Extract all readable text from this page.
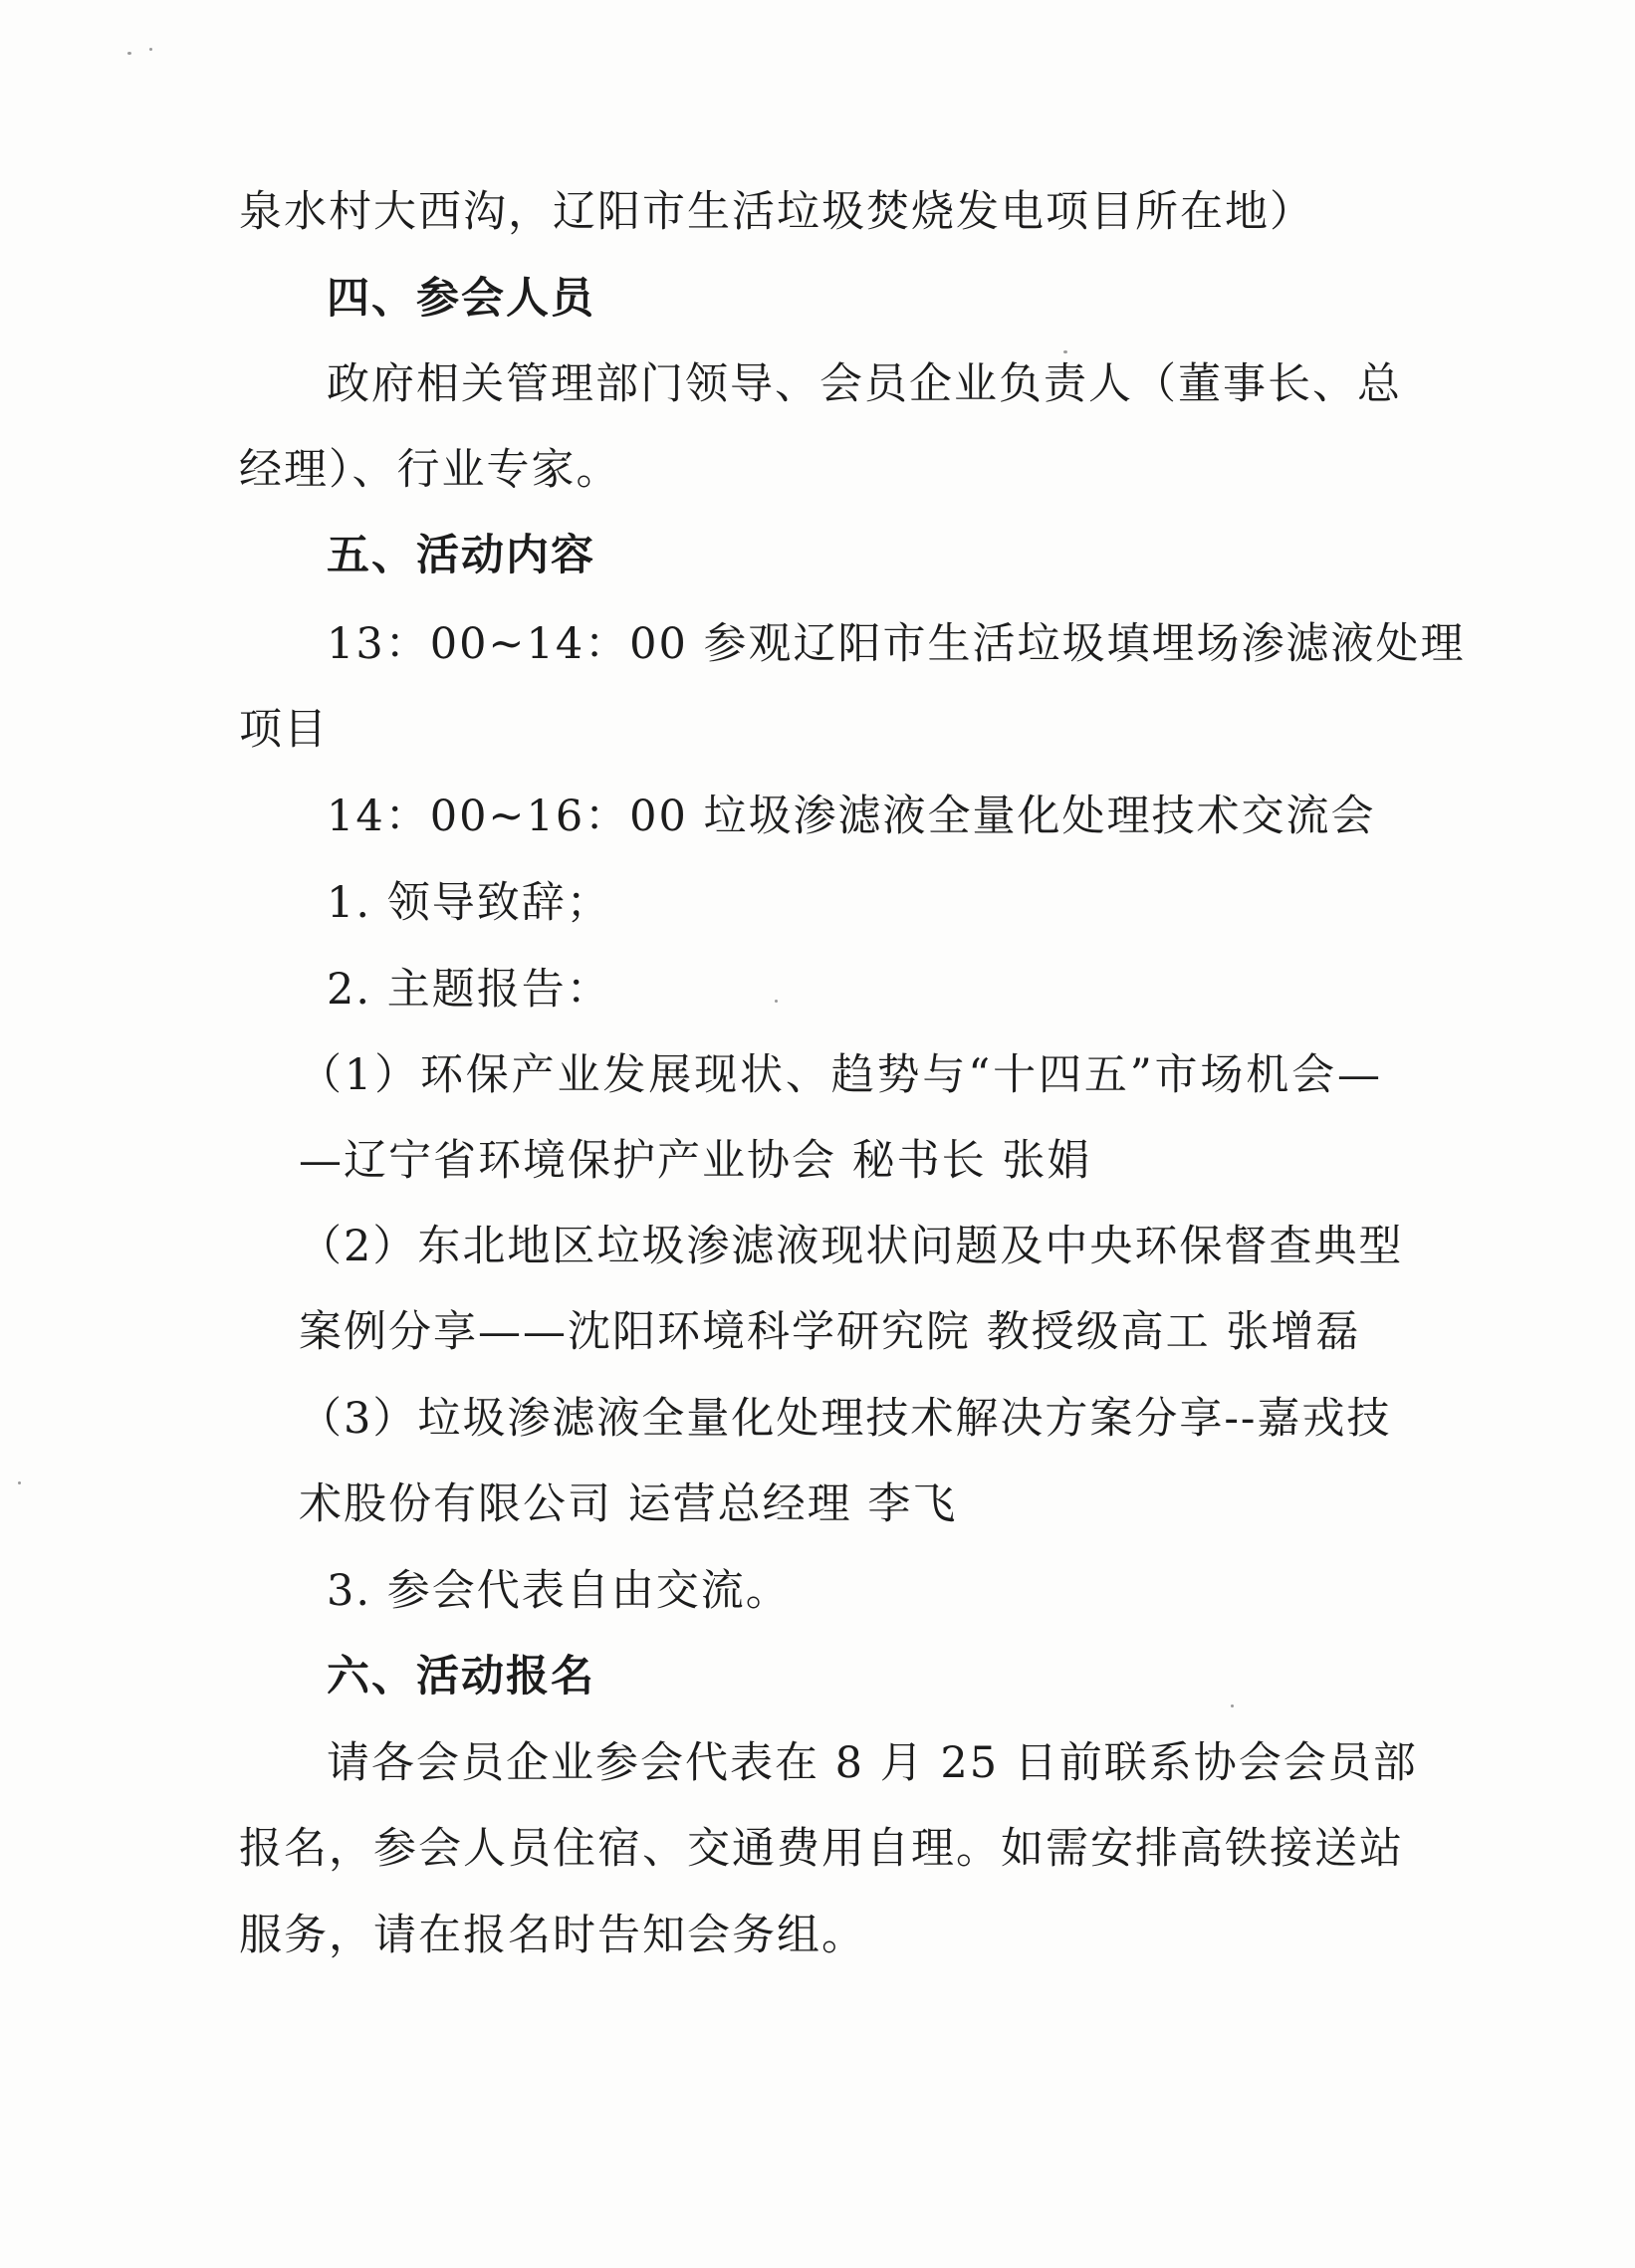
泉水村大西沟，辽阳市生活垃圾焚烧发电项目所在地）
四、参会人员
政府相关管理部门领导、会员企业负责人（董事长、总
经理）、行业专家。
五、活动内容
13：00~14：00 参观辽阳市生活垃圾填埋场渗滤液处理
项目
14：00~16：00 垃圾渗滤液全量化处理技术交流会
1. 领导致辞；
2. 主题报告：
（1）环保产业发展现状、趋势与“十四五”市场机会—
—辽宁省环境保护产业协会 秘书长 张娟
（2）东北地区垃圾渗滤液现状问题及中央环保督查典型
案例分享——沈阳环境科学研究院 教授级高工 张增磊
（3）垃圾渗滤液全量化处理技术解决方案分享--嘉戎技
术股份有限公司 运营总经理 李飞
3. 参会代表自由交流。
六、活动报名
请各会员企业参会代表在 8 月 25 日前联系协会会员部
报名，参会人员住宿、交通费用自理。如需安排高铁接送站
服务，请在报名时告知会务组。
